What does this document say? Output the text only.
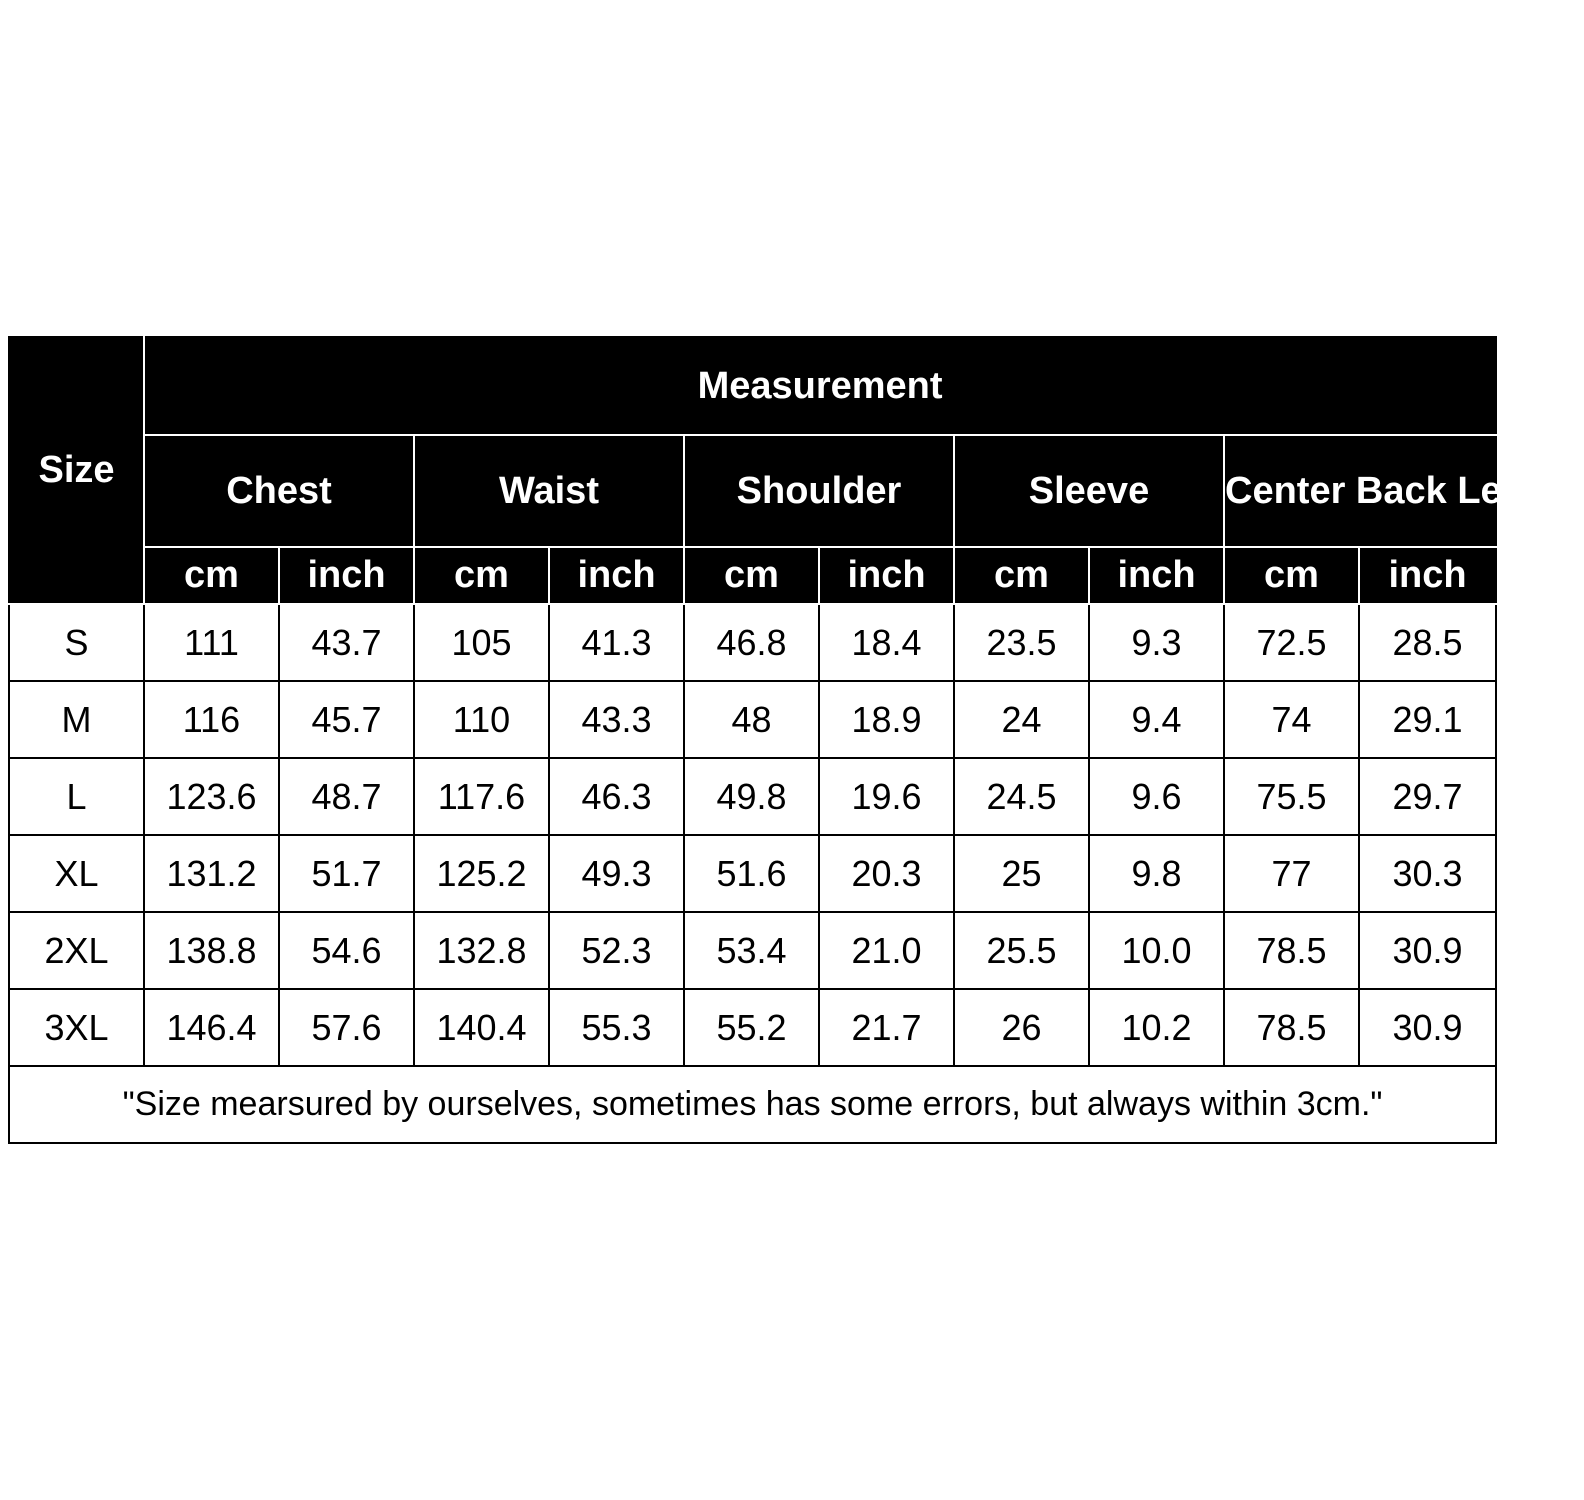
Size	Measurement									
	Chest		Waist		Shoulder		Sleeve		Center Back Length	
	cm	inch	cm	inch	cm	inch	cm	inch	cm	inch
S	111	43.7	105	41.3	46.8	18.4	23.5	9.3	72.5	28.5
M	116	45.7	110	43.3	48	18.9	24	9.4	74	29.1
L	123.6	48.7	117.6	46.3	49.8	19.6	24.5	9.6	75.5	29.7
XL	131.2	51.7	125.2	49.3	51.6	20.3	25	9.8	77	30.3
2XL	138.8	54.6	132.8	52.3	53.4	21.0	25.5	10.0	78.5	30.9
3XL	146.4	57.6	140.4	55.3	55.2	21.7	26	10.2	78.5	30.9
"Size mearsured by ourselves, sometimes has some errors, but always within 3cm."										
